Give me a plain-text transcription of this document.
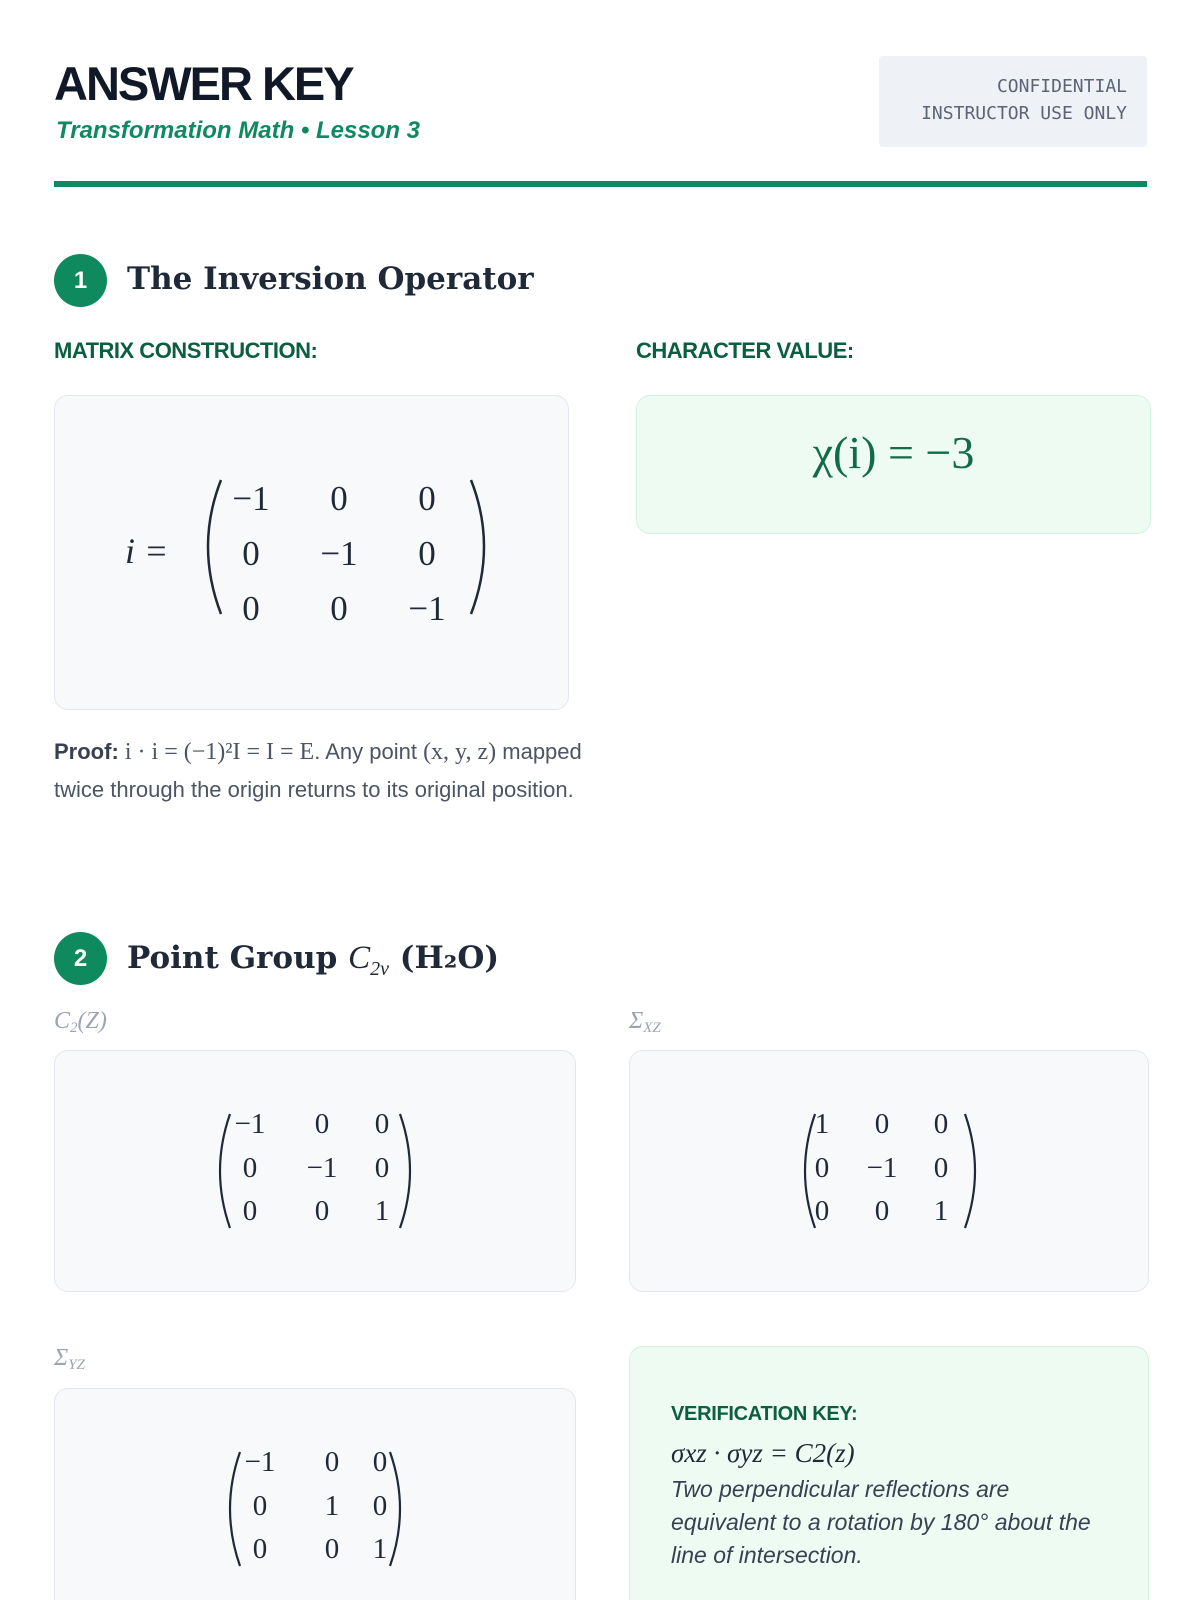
ANSWER KEY
Transformation Math • Lesson 3
CONFIDENTIAL
INSTRUCTOR USE ONLY
1	The Inversion Operator
MATRIX CONSTRUCTION:	CHARACTER VALUE:
i =
−1 0 0
0 −1 0
0 0 −1
χ(i) = −3
Proof: i · i = (−1)²I = I = E. Any point (x, y, z) mapped twice through the origin returns to its original position.
2	Point Group $C_{2v}$ (H₂O)
$C_2(Z)$
−1 0 0
0 −1 0
0 0 1
$\Sigma_{XZ}$
1 0 0
0 −1 0
0 0 1
$\Sigma_{YZ}$
−1 0 0
0 1 0
0 0 1
VERIFICATION KEY:
σxz · σyz = C2(z)
Two perpendicular reflections are equivalent to a rotation by 180° about the line of intersection.
